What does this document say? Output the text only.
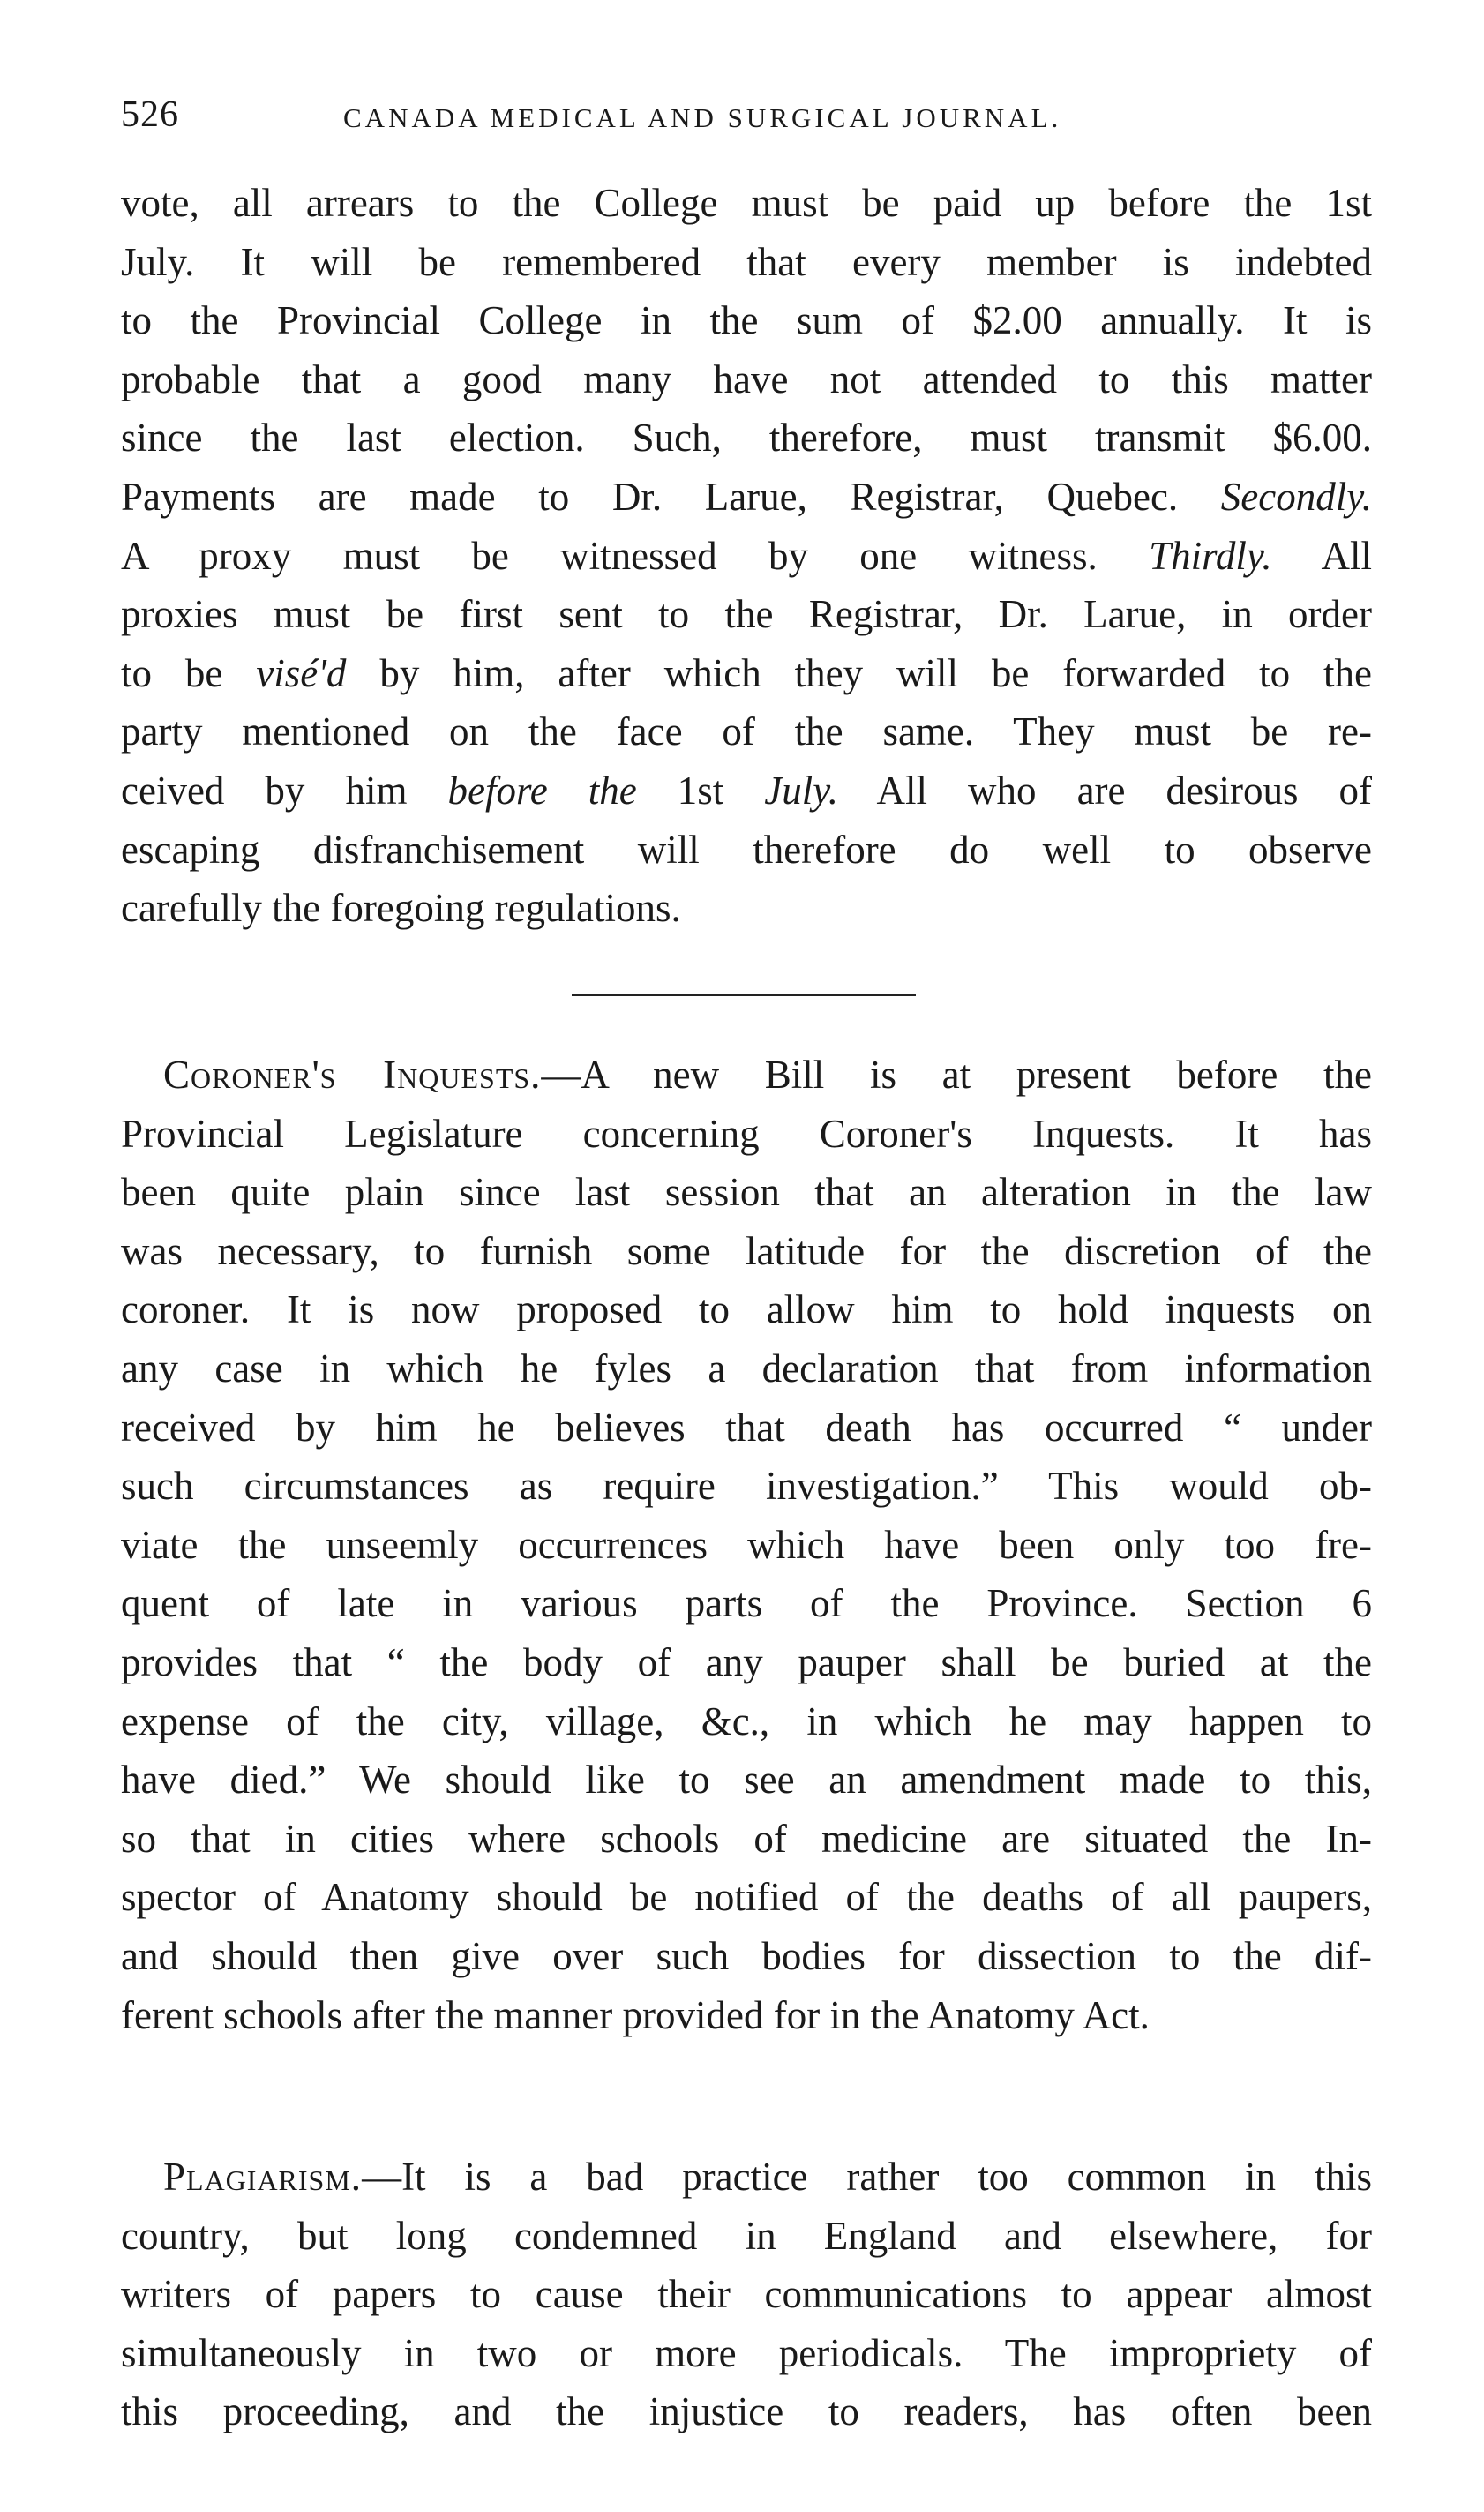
526	CANADA MEDICAL AND SURGICAL JOURNAL.
vote, all arrears to the College must be paid up before the 1st
July. It will be remembered that every member is indebted
to the Provincial College in the sum of $2.00 annually. It is
probable that a good many have not attended to this matter
since the last election. Such, therefore, must transmit $6.00.
Payments are made to Dr. Larue, Registrar, Quebec. Secondly.
A proxy must be witnessed by one witness. Thirdly. All
proxies must be first sent to the Registrar, Dr. Larue, in order
to be visé'd by him, after which they will be forwarded to the
party mentioned on the face of the same. They must be re-
ceived by him before the 1st July. All who are desirous of
escaping disfranchisement will therefore do well to observe
carefully the foregoing regulations.
Coroner's Inquests.—A new Bill is at present before the
Provincial Legislature concerning Coroner's Inquests. It has
been quite plain since last session that an alteration in the law
was necessary, to furnish some latitude for the discretion of the
coroner. It is now proposed to allow him to hold inquests on
any case in which he fyles a declaration that from information
received by him he believes that death has occurred “ under
such circumstances as require investigation.” This would ob-
viate the unseemly occurrences which have been only too fre-
quent of late in various parts of the Province. Section 6
provides that “ the body of any pauper shall be buried at the
expense of the city, village, &c., in which he may happen to
have died.” We should like to see an amendment made to this,
so that in cities where schools of medicine are situated the In-
spector of Anatomy should be notified of the deaths of all paupers,
and should then give over such bodies for dissection to the dif-
ferent schools after the manner provided for in the Anatomy Act.
Plagiarism.—It is a bad practice rather too common in this
country, but long condemned in England and elsewhere, for
writers of papers to cause their communications to appear almost
simultaneously in two or more periodicals. The impropriety of
this proceeding, and the injustice to readers, has often been
